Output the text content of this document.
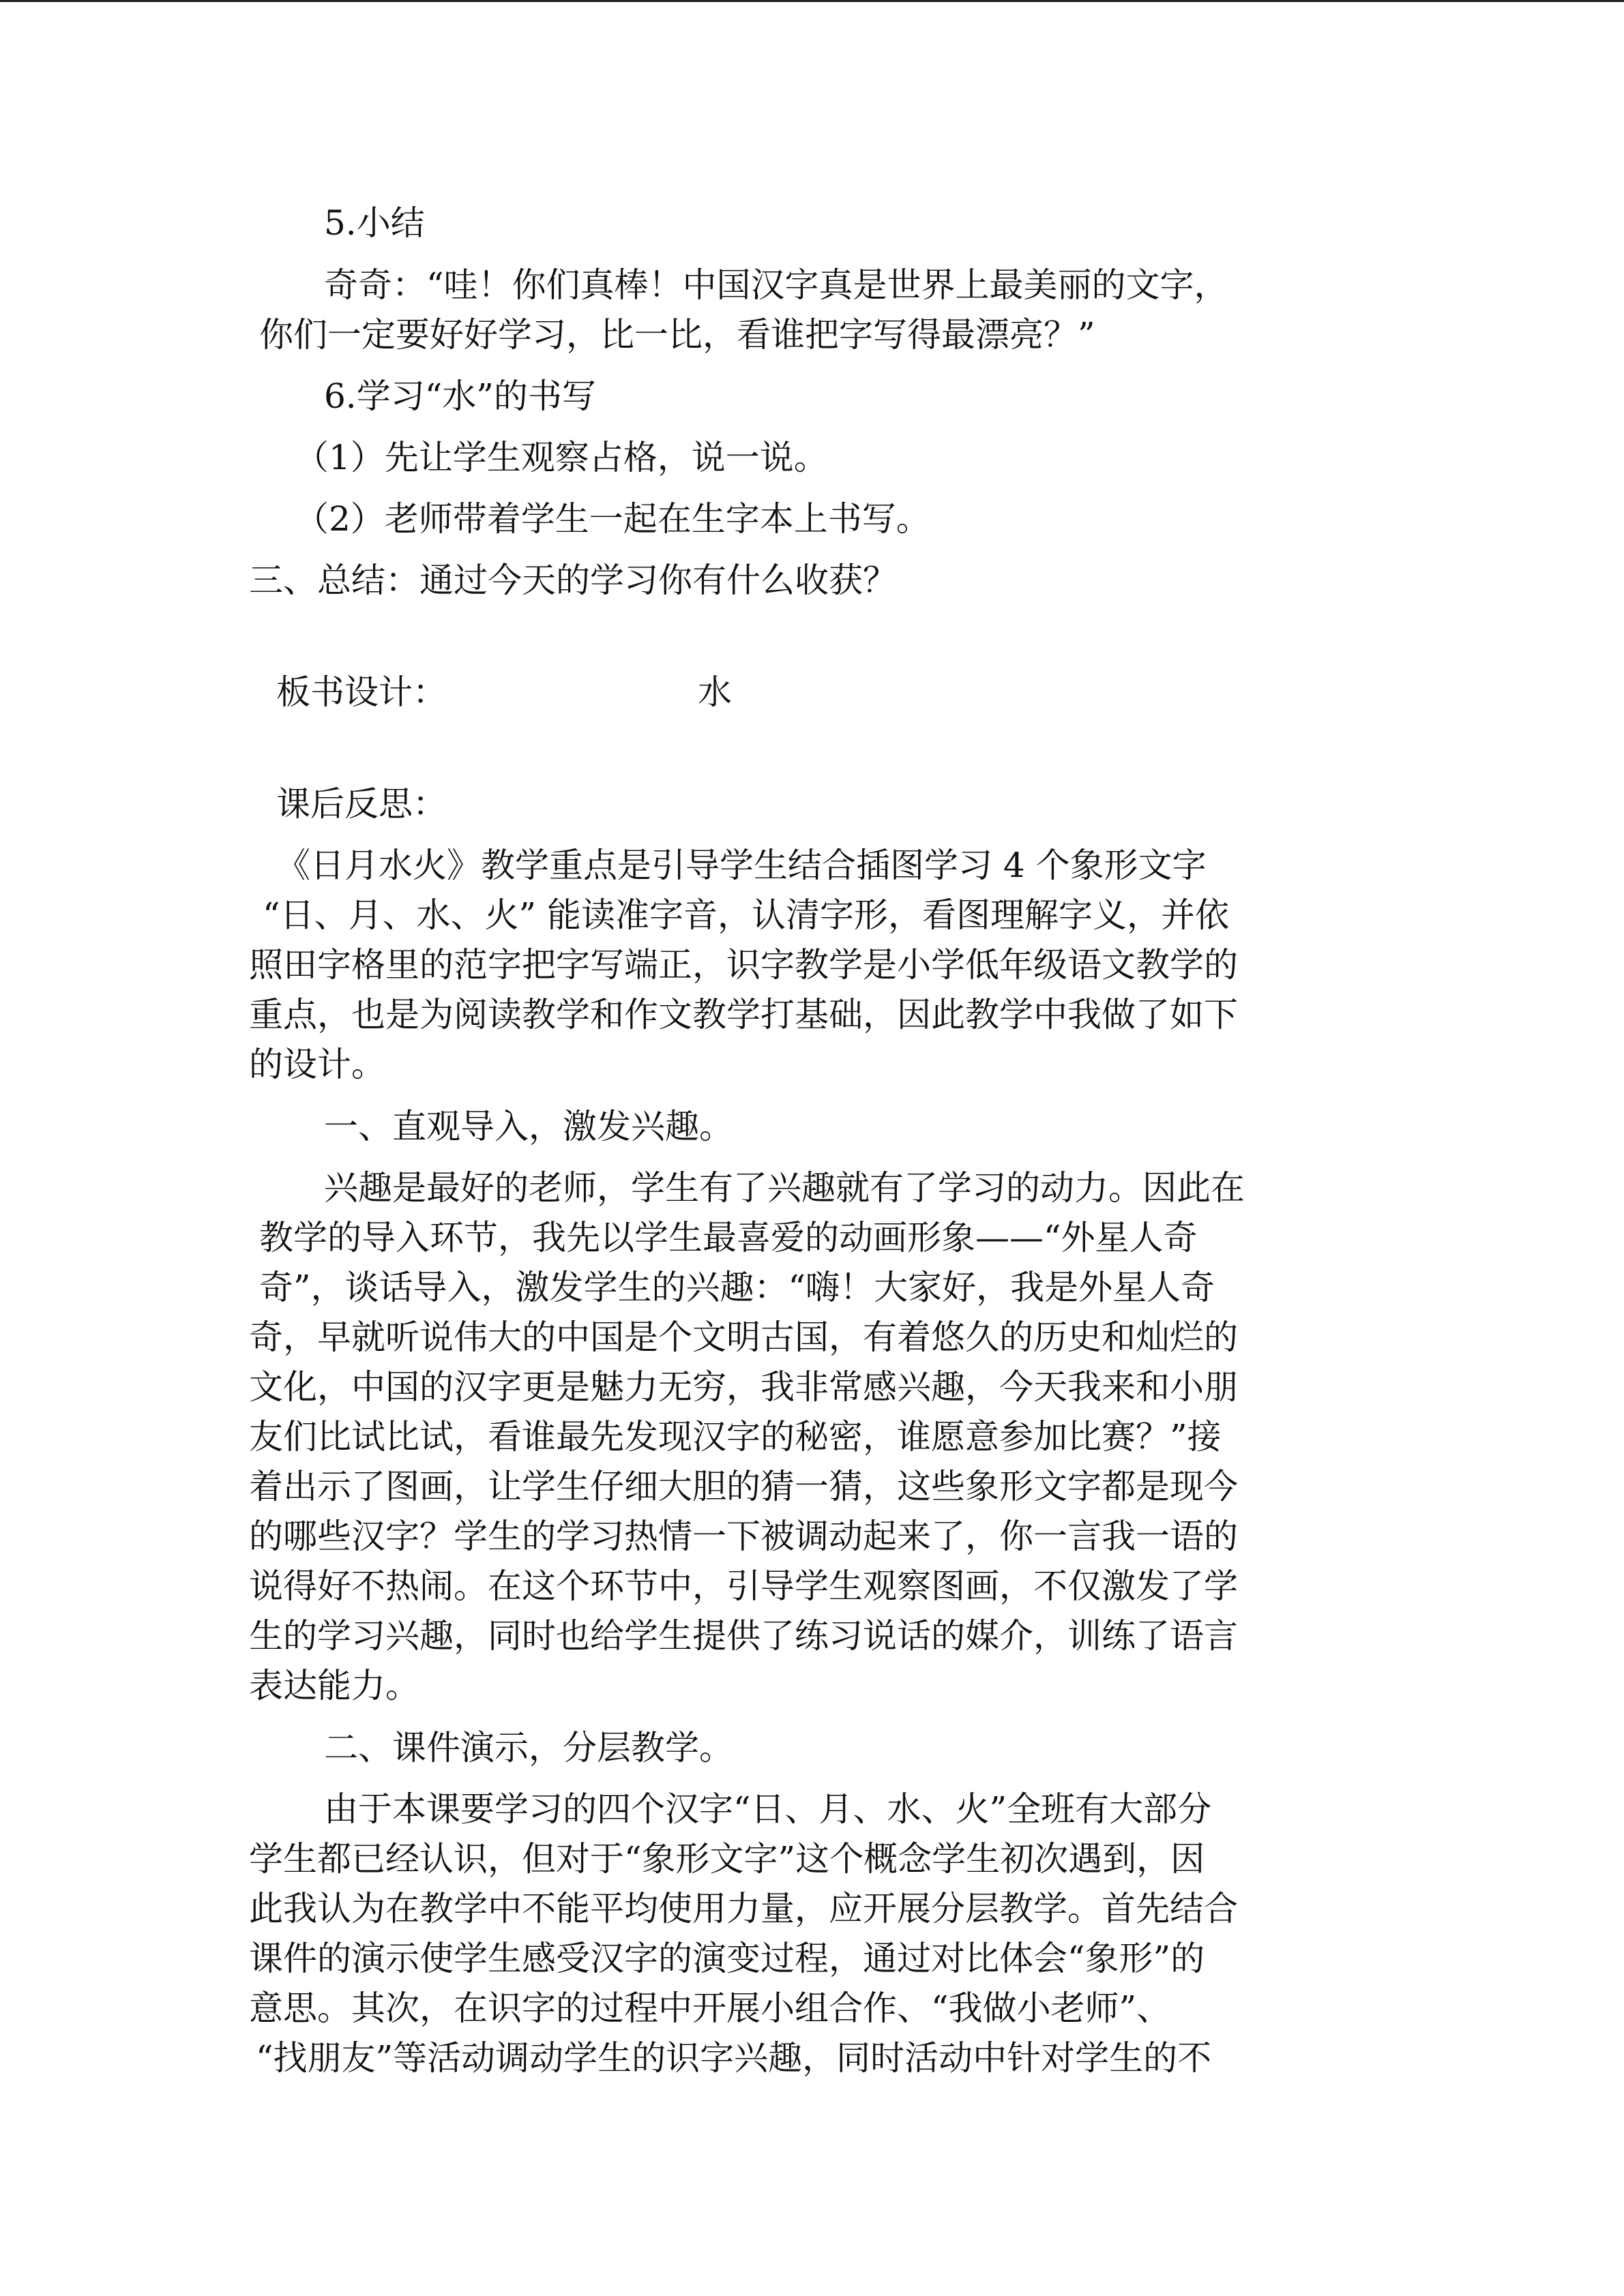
5.小结

奇奇：“哇！你们真棒！中国汉字真是世界上最美丽的文字，

你们一定要好好学习，比一比，看谁把字写得最漂亮？”

6.学习“水”的书写

（1）先让学生观察占格，说一说。

（2）老师带着学生一起在生字本上书写。

三、总结：通过今天的学习你有什么收获？

板书设计：	水

课后反思：

《日月水火》教学重点是引导学生结合插图学习 4 个象形文字

“日、月、水、火” 能读准字音，认清字形，看图理解字义，并依

照田字格里的范字把字写端正，识字教学是小学低年级语文教学的

重点，也是为阅读教学和作文教学打基础，因此教学中我做了如下

的设计。

一、直观导入，激发兴趣。

兴趣是最好的老师，学生有了兴趣就有了学习的动力。因此在

教学的导入环节，我先以学生最喜爱的动画形象——“外星人奇

奇”，谈话导入，激发学生的兴趣：“嗨！大家好，我是外星人奇

奇，早就听说伟大的中国是个文明古国，有着悠久的历史和灿烂的

文化，中国的汉字更是魅力无穷，我非常感兴趣，今天我来和小朋

友们比试比试，看谁最先发现汉字的秘密，谁愿意参加比赛？”接

着出示了图画，让学生仔细大胆的猜一猜，这些象形文字都是现今

的哪些汉字？学生的学习热情一下被调动起来了，你一言我一语的

说得好不热闹。在这个环节中，引导学生观察图画，不仅激发了学

生的学习兴趣，同时也给学生提供了练习说话的媒介，训练了语言

表达能力。

二、课件演示，分层教学。

由于本课要学习的四个汉字“日、月、水、火”全班有大部分

学生都已经认识，但对于“象形文字”这个概念学生初次遇到，因

此我认为在教学中不能平均使用力量，应开展分层教学。首先结合

课件的演示使学生感受汉字的演变过程，通过对比体会“象形”的

意思。其次，在识字的过程中开展小组合作、“我做小老师”、

“找朋友”等活动调动学生的识字兴趣，同时活动中针对学生的不
